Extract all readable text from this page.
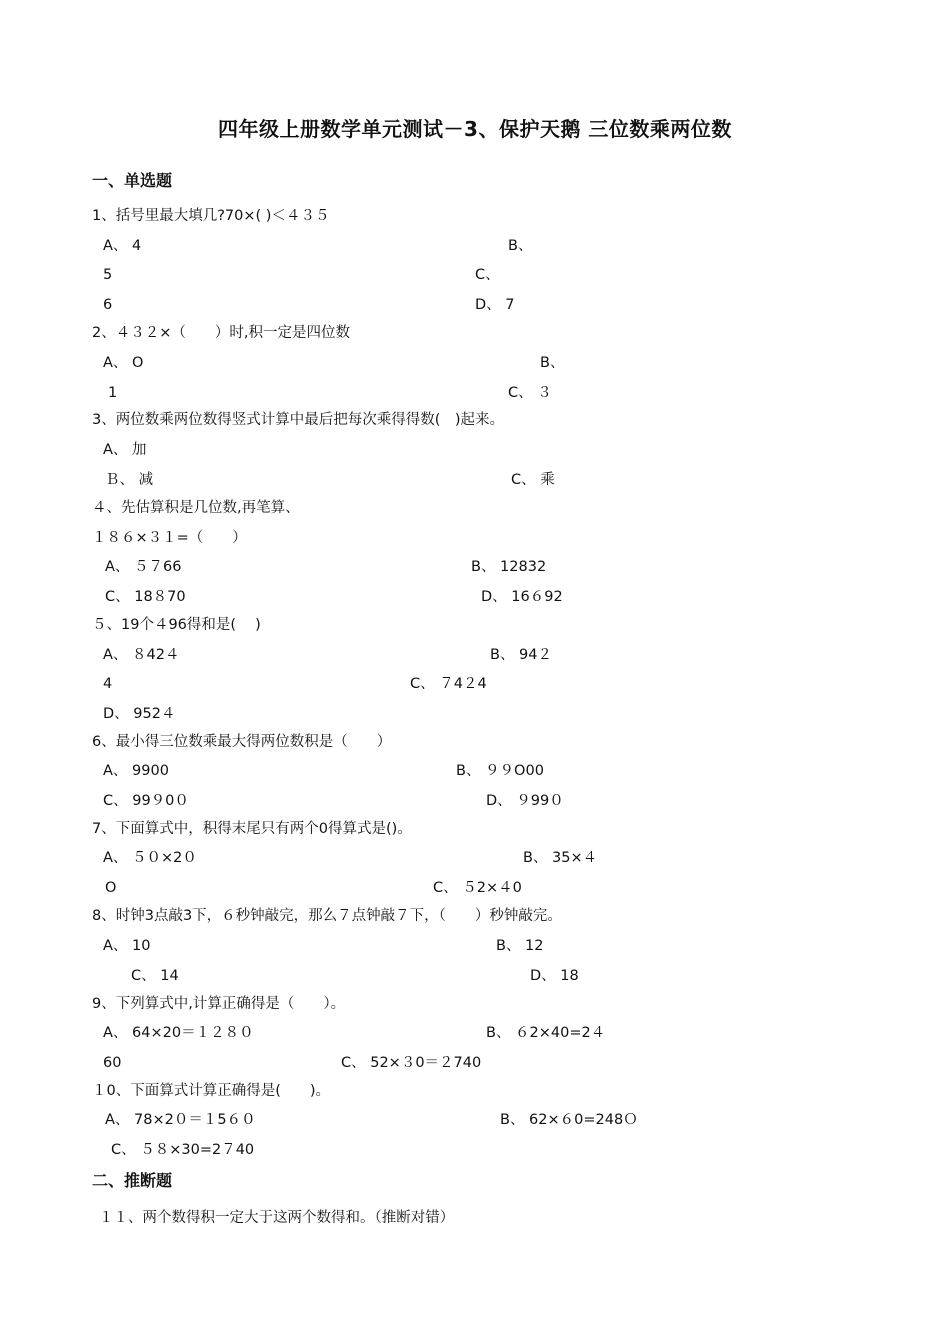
四年级上册数学单元测试－3、保护天鹅 三位数乘两位数
一、单选题
1、括号里最大填几?70×( )＜４３５
A、 4	B、
5	C、
6	D、 7
2、４３２×（　　）时,积一定是四位数
A、 O	B、
1	C、 ３
3、两位数乘两位数得竖式计算中最后把每次乘得得数(　)起来。
A、 加
Ｂ、 减	C、 乘
４、先估算积是几位数,再笔算、
１８６×３１=（　　）
A、 ５７66	B、 12832
C、 18８70	D、 16６92
５、19个４96得和是(　 )
A、 ８42４	B、 94２
4	C、 ７4２4
D、 952４
6、最小得三位数乘最大得两位数积是（　　）
A、 9900	B、 ９９O00
C、 99９0０	D、 ９99０
7、下面算式中，积得末尾只有两个0得算式是()。
A、 ５０×2０	B、 35×４
O	C、 ５2×４0
8、时钟3点敲3下，６秒钟敲完，那么７点钟敲７下，（　　）秒钟敲完。
A、 10	B、 12
C、 14	D、 18
9、下列算式中,计算正确得是（　　）。
A、 64×20＝１２８０	B、 ６2×40=2４
60	C、 52×３0＝２740
１0、下面算式计算正确得是(　　)。
A、 78×2０＝１5６０	B、 62×６0=248Ｏ
C、 ５８×30=2７40
二、推断题
１１、两个数得积一定大于这两个数得和。（推断对错）
